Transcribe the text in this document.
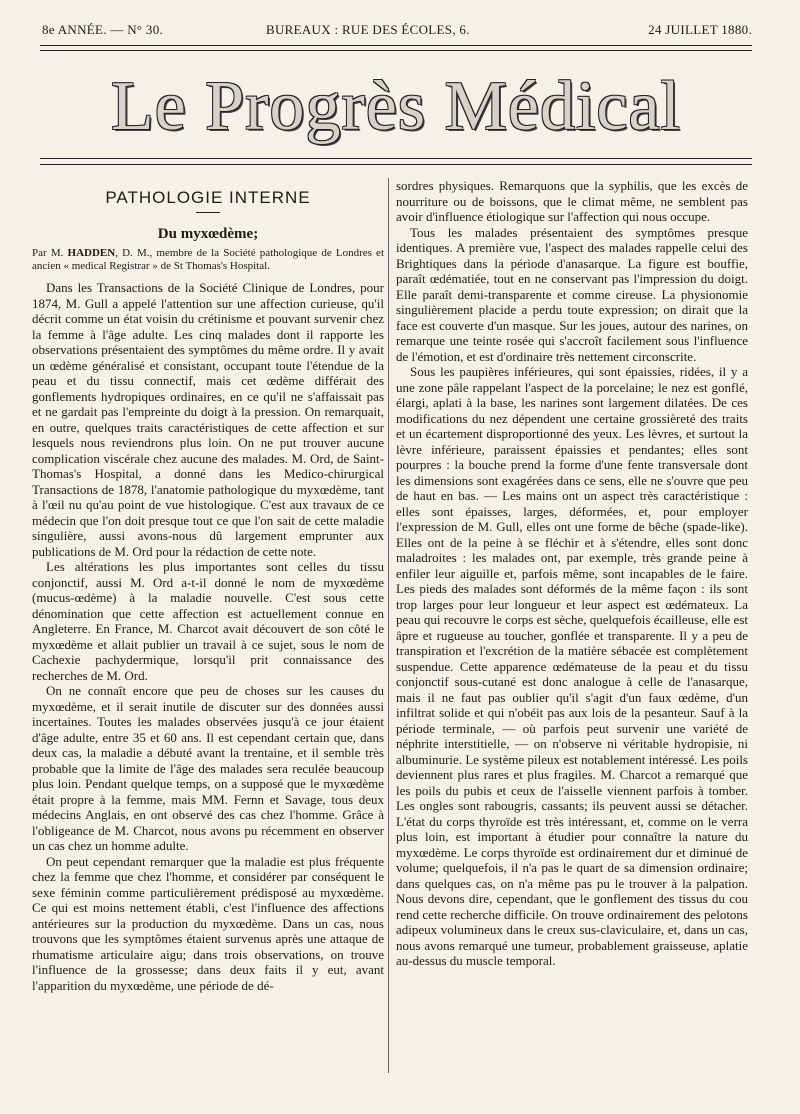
8e ANNÉE. — N° 30.	BUREAUX : RUE DES ÉCOLES, 6.	24 JUILLET 1880.
Le Progrès Médical
PATHOLOGIE INTERNE
Du myxœdème;
Par M. HADDEN, D. M., membre de la Société pathologique de Londres et ancien « medical Registrar » de St Thomas's Hospital.

Dans les Transactions de la Société Clinique de Londres, pour 1874, M. Gull a appelé l'attention sur une affection curieuse, qu'il décrit comme un état voisin du crétinisme et pouvant survenir chez la femme à l'âge adulte. Les cinq malades dont il rapporte les observations présentaient des symptômes du même ordre. Il y avait un œdème généralisé et consistant, occupant toute l'étendue de la peau et du tissu connectif, mais cet œdème différait des gonflements hydropiques ordinaires, en ce qu'il ne s'affaissait pas et ne gardait pas l'empreinte du doigt à la pression. On remarquait, en outre, quelques traits caractéristiques de cette affection et sur lesquels nous reviendrons plus loin. On ne put trouver aucune complication viscérale chez aucune des malades. M. Ord, de Saint-Thomas's Hospital, a donné dans les Medico-chirurgical Transactions de 1878, l'anatomie pathologique du myxœdème, tant à l'œil nu qu'au point de vue histologique. C'est aux travaux de ce médecin que l'on doit presque tout ce que l'on sait de cette maladie singulière, aussi avons-nous dû largement emprunter aux publications de M. Ord pour la rédaction de cette note.

Les altérations les plus importantes sont celles du tissu conjonctif, aussi M. Ord a-t-il donné le nom de myxœdème (mucus-œdème) à la maladie nouvelle. C'est sous cette dénomination que cette affection est actuellement connue en Angleterre. En France, M. Charcot avait découvert de son côté le myxœdème et allait publier un travail à ce sujet, sous le nom de Cachexie pachydermique, lorsqu'il prit connaissance des recherches de M. Ord.

On ne connaît encore que peu de choses sur les causes du myxœdème, et il serait inutile de discuter sur des données aussi incertaines. Toutes les malades observées jusqu'à ce jour étaient d'âge adulte, entre 35 et 60 ans. Il est cependant certain que, dans deux cas, la maladie a débuté avant la trentaine, et il semble très probable que la limite de l'âge des malades sera reculée beaucoup plus loin. Pendant quelque temps, on a supposé que le myxœdème était propre à la femme, mais MM. Fernn et Savage, tous deux médecins Anglais, en ont observé des cas chez l'homme. Grâce à l'obligeance de M. Charcot, nous avons pu récemment en observer un cas chez un homme adulte.

On peut cependant remarquer que la maladie est plus fréquente chez la femme que chez l'homme, et considérer par conséquent le sexe féminin comme particulièrement prédisposé au myxœdème. Ce qui est moins nettement établi, c'est l'influence des affections antérieures sur la production du myxœdème. Dans un cas, nous trouvons que les symptômes étaient survenus après une attaque de rhumatisme articulaire aigu; dans trois observations, on trouve l'influence de la grossesse; dans deux faits il y eut, avant l'apparition du myxœdème, une période de dé-

sordres physiques. Remarquons que la syphilis, que les excès de nourriture ou de boissons, que le climat même, ne semblent pas avoir d'influence étiologique sur l'affection qui nous occupe.

Tous les malades présentaient des symptômes presque identiques. A première vue, l'aspect des malades rappelle celui des Brightiques dans la période d'anasarque. La figure est bouffie, paraît œdématiée, tout en ne conservant pas l'impression du doigt. Elle paraît demi-transparente et comme cireuse. La physionomie singulièrement placide a perdu toute expression; on dirait que la face est couverte d'un masque. Sur les joues, autour des narines, on remarque une teinte rosée qui s'accroît facilement sous l'influence de l'émotion, et est d'ordinaire très nettement circonscrite.

Sous les paupières inférieures, qui sont épaissies, ridées, il y a une zone pâle rappelant l'aspect de la porcelaine; le nez est gonflé, élargi, aplati à la base, les narines sont largement dilatées. De ces modifications du nez dépendent une certaine grossièreté des traits et un écartement disproportionné des yeux. Les lèvres, et surtout la lèvre inférieure, paraissent épaissies et pendantes; elles sont pourpres : la bouche prend la forme d'une fente transversale dont les dimensions sont exagérées dans ce sens, elle ne s'ouvre que peu de haut en bas. — Les mains ont un aspect très caractéristique : elles sont épaisses, larges, déformées, et, pour employer l'expression de M. Gull, elles ont une forme de bêche (spade-like). Elles ont de la peine à se fléchir et à s'étendre, elles sont donc maladroites : les malades ont, par exemple, très grande peine à enfiler leur aiguille et, parfois même, sont incapables de le faire. Les pieds des malades sont déformés de la même façon : ils sont trop larges pour leur longueur et leur aspect est œdémateux. La peau qui recouvre le corps est sèche, quelquefois écailleuse, elle est âpre et rugueuse au toucher, gonflée et transparente. Il y a peu de transpiration et l'excrétion de la matière sébacée est complètement suspendue. Cette apparence œdémateuse de la peau et du tissu conjonctif sous-cutané est donc analogue à celle de l'anasarque, mais il ne faut pas oublier qu'il s'agit d'un faux œdème, d'un infiltrat solide et qui n'obéit pas aux lois de la pesanteur. Sauf à la période terminale, — où parfois peut survenir une variété de néphrite interstitielle, — on n'observe ni véritable hydropisie, ni albuminurie. Le système pileux est notablement intéressé. Les poils deviennent plus rares et plus fragiles. M. Charcot a remarqué que les poils du pubis et ceux de l'aisselle viennent parfois à tomber. Les ongles sont rabougris, cassants; ils peuvent aussi se détacher. L'état du corps thyroïde est très intéressant, et, comme on le verra plus loin, est important à étudier pour connaître la nature du myxœdème. Le corps thyroïde est ordinairement dur et diminué de volume; quelquefois, il n'a pas le quart de sa dimension ordinaire; dans quelques cas, on n'a même pas pu le trouver à la palpation. Nous devons dire, cependant, que le gonflement des tissus du cou rend cette recherche difficile. On trouve ordinairement des pelotons adipeux volumineux dans le creux sus-claviculaire, et, dans un cas, nous avons remarqué une tumeur, probablement graisseuse, aplatie au-dessus du muscle temporal.
